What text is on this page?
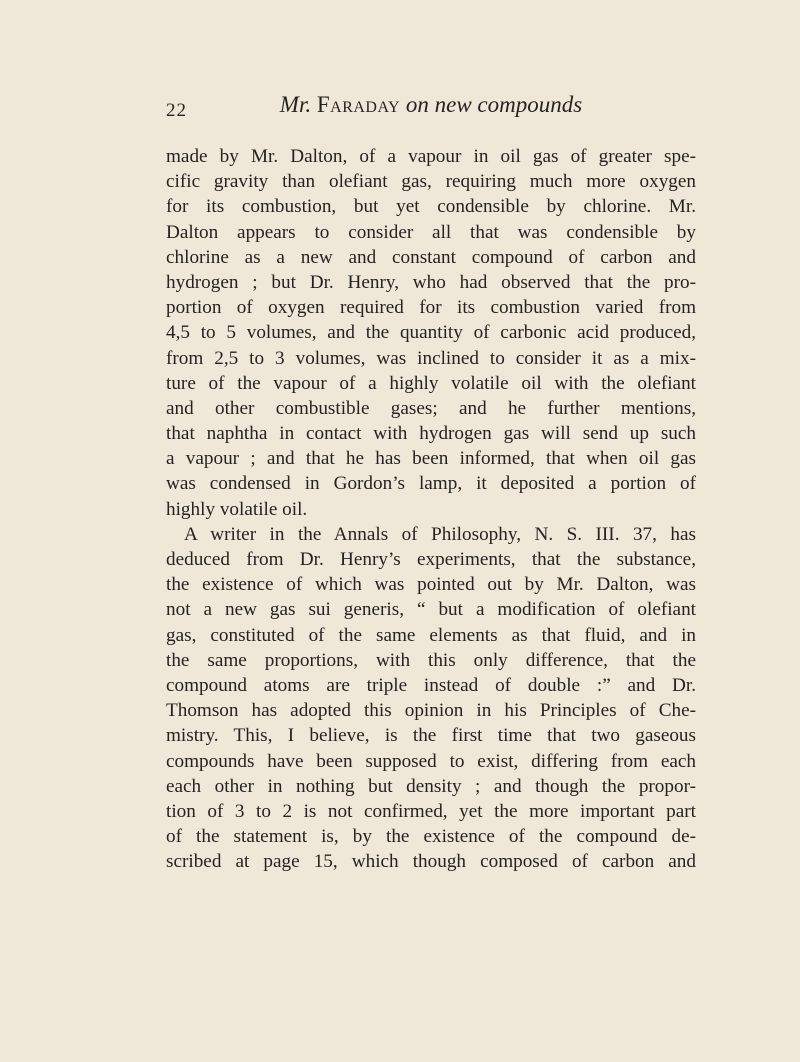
22	Mr. Faraday on new compounds
made by Mr. Dalton, of a vapour in oil gas of greater spe-
cific gravity than olefiant gas, requiring much more oxygen
for its combustion, but yet condensible by chlorine. Mr.
Dalton appears to consider all that was condensible by
chlorine as a new and constant compound of carbon and
hydrogen ; but Dr. Henry, who had observed that the pro-
portion of oxygen required for its combustion varied from
4,5 to 5 volumes, and the quantity of carbonic acid produced,
from 2,5 to 3 volumes, was inclined to consider it as a mix-
ture of the vapour of a highly volatile oil with the olefiant
and other combustible gases; and he further mentions,
that naphtha in contact with hydrogen gas will send up such
a vapour ; and that he has been informed, that when oil gas
was condensed in Gordon’s lamp, it deposited a portion of
highly volatile oil.
A writer in the Annals of Philosophy, N. S. III. 37, has
deduced from Dr. Henry’s experiments, that the substance,
the existence of which was pointed out by Mr. Dalton, was
not a new gas sui generis, “ but a modification of olefiant
gas, constituted of the same elements as that fluid, and in
the same proportions, with this only difference, that the
compound atoms are triple instead of double :” and Dr.
Thomson has adopted this opinion in his Principles of Che-
mistry. This, I believe, is the first time that two gaseous
compounds have been supposed to exist, differing from each
each other in nothing but density ; and though the propor-
tion of 3 to 2 is not confirmed, yet the more important part
of the statement is, by the existence of the compound de-
scribed at page 15, which though composed of carbon and
